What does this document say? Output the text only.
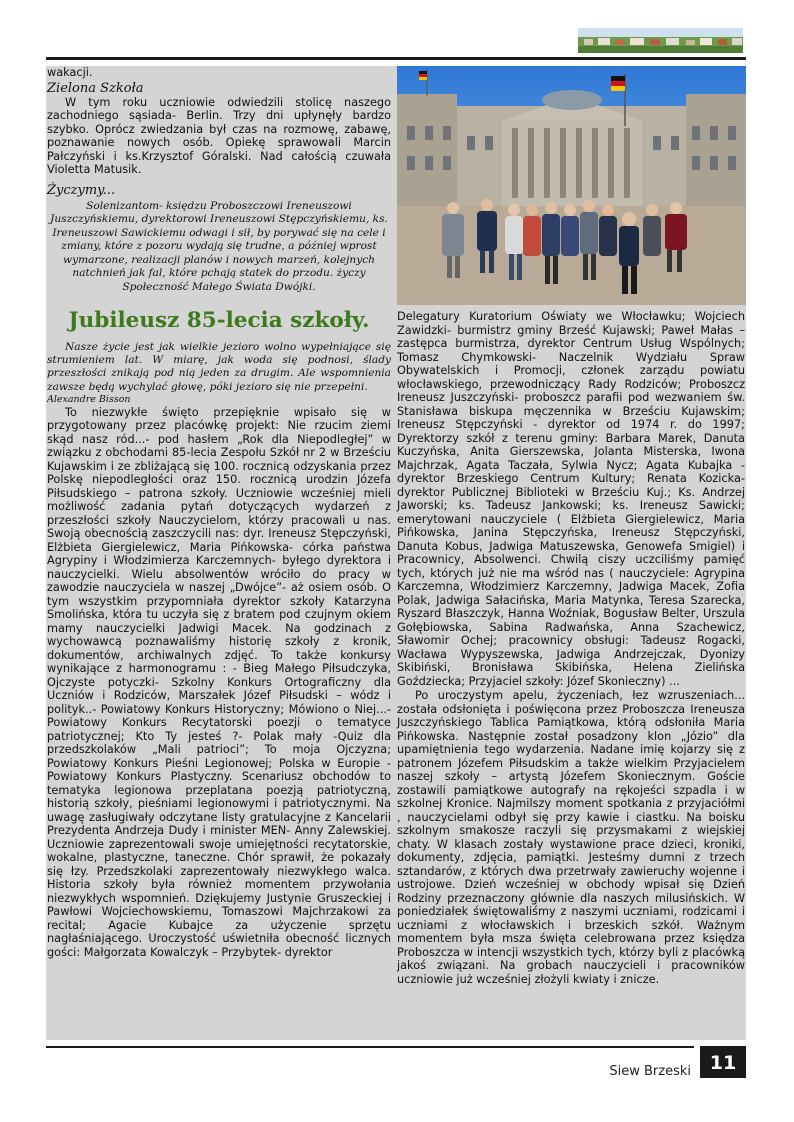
wakacji.

Zielona Szkoła

W tym roku uczniowie odwiedzili stolicę naszego zachodniego sąsiada- Berlin. Trzy dni upłynęły bardzo szybko. Oprócz zwiedzania był czas na rozmowę, zabawę, poznawanie nowych osób. Opiekę sprawowali Marcin Pałczyński i ks.Krzysztof Góralski. Nad całością czuwała Violetta Matusik.

Życzymy...

Solenizantom- księdzu Proboszczowi Ireneuszowi Juszczyńskiemu, dyrektorowi Ireneuszowi Stępczyńskiemu, ks. Ireneuszowi Sawickiemu odwagi i sił, by porywać się na cele i zmiany, które z pozoru wydają się trudne, a później wprost wymarzone, realizacji planów i nowych marzeń, kolejnych natchnień jak fal, które pchają statek do przodu. życzy Społeczność Małego Świata Dwójki.

Jubileusz 85-lecia szkoły.

Nasze życie jest jak wielkie jezioro wolno wypełniające się strumieniem lat. W miarę, jak woda się podnosi, ślady przeszłości znikają pod nią jeden za drugim. Ale wspomnienia zawsze będą wychylać głowę, póki jezioro się nie przepełni.

Alexandre Bisson

To niezwykłe święto przepięknie wpisało się w przygotowany przez placówkę projekt: Nie rzucim ziemi skąd nasz ród...- pod hasłem „Rok dla Niepodległej” w związku z obchodami 85-lecia Zespołu Szkół nr 2 w Brześciu Kujawskim i ze zbliżającą się 100. rocznicą odzyskania przez Polskę niepodległości oraz 150. rocznicą urodzin Józefa Piłsudskiego – patrona szkoły. Uczniowie wcześniej mieli możliwość zadania pytań dotyczących wydarzeń z przeszłości szkoły Nauczycielom, którzy pracowali u nas. Swoją obecnością zaszczycili nas: dyr. Ireneusz Stępczyński, Elżbieta Giergielewicz, Maria Pińkowska- córka państwa Agrypiny i Włodzimierza Karczemnych- byłego dyrektora i nauczycielki. Wielu absolwentów wróciło do pracy w zawodzie nauczyciela w naszej „Dwójce”- aż osiem osób. O tym wszystkim przypomniała dyrektor szkoły Katarzyna Smolińska, która tu uczyła się z bratem pod czujnym okiem mamy nauczycielki Jadwigi Macek. Na godzinach z wychowawcą poznawaliśmy historię szkoły z kronik, dokumentów, archiwalnych zdjęć. To także konkursy wynikające z harmonogramu : - Bieg Małego Piłsudczyka, Ojczyste potyczki- Szkolny Konkurs Ortograficzny dla Uczniów i Rodziców, Marszałek Józef Piłsudski – wódz i polityk..- Powiatowy Konkurs Historyczny; Mówiono o Niej...- Powiatowy Konkurs Recytatorski poezji o tematyce patriotycznej; Kto Ty jesteś ?- Polak mały -Quiz dla przedszkolaków „Mali patrioci”; To moja Ojczyzna; Powiatowy Konkurs Pieśni Legionowej; Polska w Europie - Powiatowy Konkurs Plastyczny. Scenariusz obchodów to tematyka legionowa przeplatana poezją patriotyczną, historią szkoły, pieśniami legionowymi i patriotycznymi. Na uwagę zasługiwały odczytane listy gratulacyjne z Kancelarii Prezydenta Andrzeja Dudy i minister MEN- Anny Zalewskiej. Uczniowie zaprezentowali swoje umiejętności recytatorskie, wokalne, plastyczne, taneczne. Chór sprawił, że pokazały się łzy. Przedszkolaki zaprezentowały niezwykłego walca. Historia szkoły była również momentem przywołania niezwykłych wspomnień. Dziękujemy Justynie Gruszeckiej i Pawłowi Wojciechowskiemu, Tomaszowi Majchrzakowi za recital; Agacie Kubajce za użyczenie sprzętu nagłaśniającego. Uroczystość uświetniła obecność licznych gości: Małgorzata Kowalczyk – Przybytek- dyrektor

Delegatury Kuratorium Oświaty we Włocławku; Wojciech Zawidzki- burmistrz gminy Brześć Kujawski; Paweł Małas – zastępca burmistrza, dyrektor Centrum Usług Wspólnych; Tomasz Chymkowski- Naczelnik Wydziału Spraw Obywatelskich i Promocji, członek zarządu powiatu włocławskiego, przewodniczący Rady Rodziców; Proboszcz Ireneusz Juszczyński- proboszcz parafii pod wezwaniem św. Stanisława biskupa męczennika w Brześciu Kujawskim; Ireneusz Stępczyński - dyrektor od 1974 r. do 1997; Dyrektorzy szkół z terenu gminy: Barbara Marek, Danuta Kuczyńska, Anita Gierszewska, Jolanta Misterska, Iwona Majchrzak, Agata Taczała, Sylwia Nycz; Agata Kubajka - dyrektor Brzeskiego Centrum Kultury; Renata Kozicka- dyrektor Publicznej Biblioteki w Brześciu Kuj.; Ks. Andrzej Jaworski; ks. Tadeusz Jankowski; ks. Ireneusz Sawicki; emerytowani nauczyciele ( Elżbieta Giergielewicz, Maria Pińkowska, Janina Stępczyńska, Ireneusz Stępczyński, Danuta Kobus, Jadwiga Matuszewska, Genowefa Smigiel) i Pracownicy, Absolwenci. Chwilą ciszy uczciliśmy pamięć tych, których już nie ma wśród nas ( nauczyciele: Agrypina Karczemna, Włodzimierz Karczemny, Jadwiga Macek, Zofia Polak, Jadwiga Sałacińska, Maria Matynka, Teresa Szarecka, Ryszard Błaszczyk, Hanna Woźniak, Bogusław Belter, Urszula Gołębiowska, Sabina Radwańska, Anna Szachewicz, Sławomir Ochej; pracownicy obsługi: Tadeusz Rogacki, Wacława Wypyszewska, Jadwiga Andrzejczak, Dyonizy Skibiński, Bronisława Skibińska, Helena Zielińska Goździecka; Przyjaciel szkoły: Józef Skonieczny) ...

Po uroczystym apelu, życzeniach, łez wzruszeniach... została odsłonięta i poświęcona przez Proboszcza Ireneusza Juszczyńskiego Tablica Pamiątkowa, którą odsłoniła Maria Pińkowska. Następnie został posadzony klon „Józio” dla upamiętnienia tego wydarzenia. Nadane imię kojarzy się z patronem Józefem Piłsudskim a także wielkim Przyjacielem naszej szkoły – artystą Józefem Skoniecznym. Goście zostawili pamiątkowe autografy na rękojeści szpadla i w szkolnej Kronice. Najmilszy moment spotkania z przyjaciółmi , nauczycielami odbył się przy kawie i ciastku. Na boisku szkolnym smakosze raczyli się przysmakami z wiejskiej chaty. W klasach zostały wystawione prace dzieci, kroniki, dokumenty, zdjęcia, pamiątki. Jesteśmy dumni z trzech sztandarów, z których dwa przetrwały zawieruchy wojenne i ustrojowe. Dzień wcześniej w obchody wpisał się Dzień Rodziny przeznaczony głównie dla naszych milusińskich. W poniedziałek świętowaliśmy z naszymi uczniami, rodzicami i uczniami z włocławskich i brzeskich szkół. Ważnym momentem była msza święta celebrowana przez księdza Proboszcza w intencji wszystkich tych, którzy byli z placówką jakoś związani. Na grobach nauczycieli i pracowników uczniowie już wcześniej złożyli kwiaty i znicze.

Siew Brzeski 11
